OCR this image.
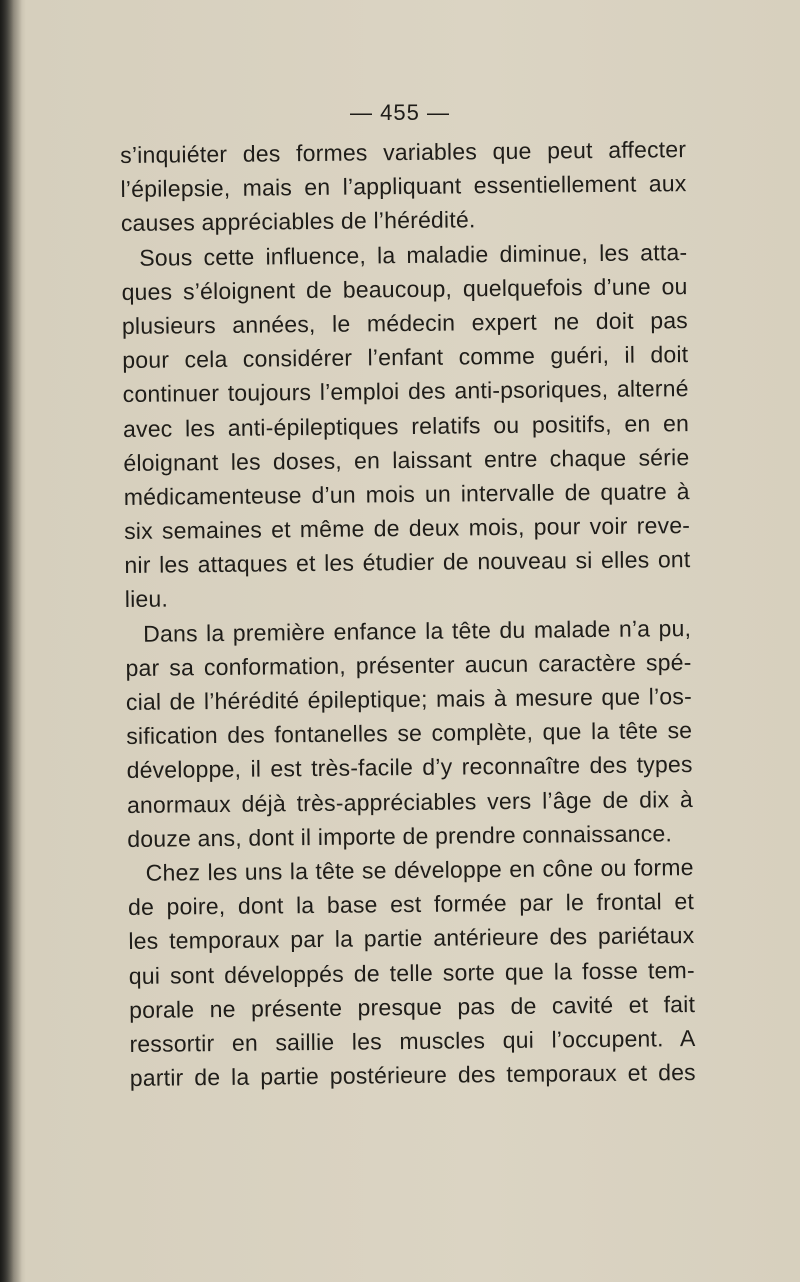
— 455 —
s’inquiéter des formes variables que peut affecter
l’épilepsie, mais en l’appliquant essentiellement aux
causes appréciables de l’hérédité.
Sous cette influence, la maladie diminue, les atta-
ques s’éloignent de beaucoup, quelquefois d’une ou
plusieurs années, le médecin expert ne doit pas
pour cela considérer l’enfant comme guéri, il doit
continuer toujours l’emploi des anti-psoriques, alterné
avec les anti-épileptiques relatifs ou positifs, en en
éloignant les doses, en laissant entre chaque série
médicamenteuse d’un mois un intervalle de quatre à
six semaines et même de deux mois, pour voir reve-
nir les attaques et les étudier de nouveau si elles ont
lieu.
Dans la première enfance la tête du malade n’a pu,
par sa conformation, présenter aucun caractère spé-
cial de l’hérédité épileptique; mais à mesure que l’os-
sification des fontanelles se complète, que la tête se
développe, il est très-facile d’y reconnaître des types
anormaux déjà très-appréciables vers l’âge de dix à
douze ans, dont il importe de prendre connaissance.
Chez les uns la tête se développe en cône ou forme
de poire, dont la base est formée par le frontal et
les temporaux par la partie antérieure des pariétaux
qui sont développés de telle sorte que la fosse tem-
porale ne présente presque pas de cavité et fait
ressortir en saillie les muscles qui l’occupent. A
partir de la partie postérieure des temporaux et des
